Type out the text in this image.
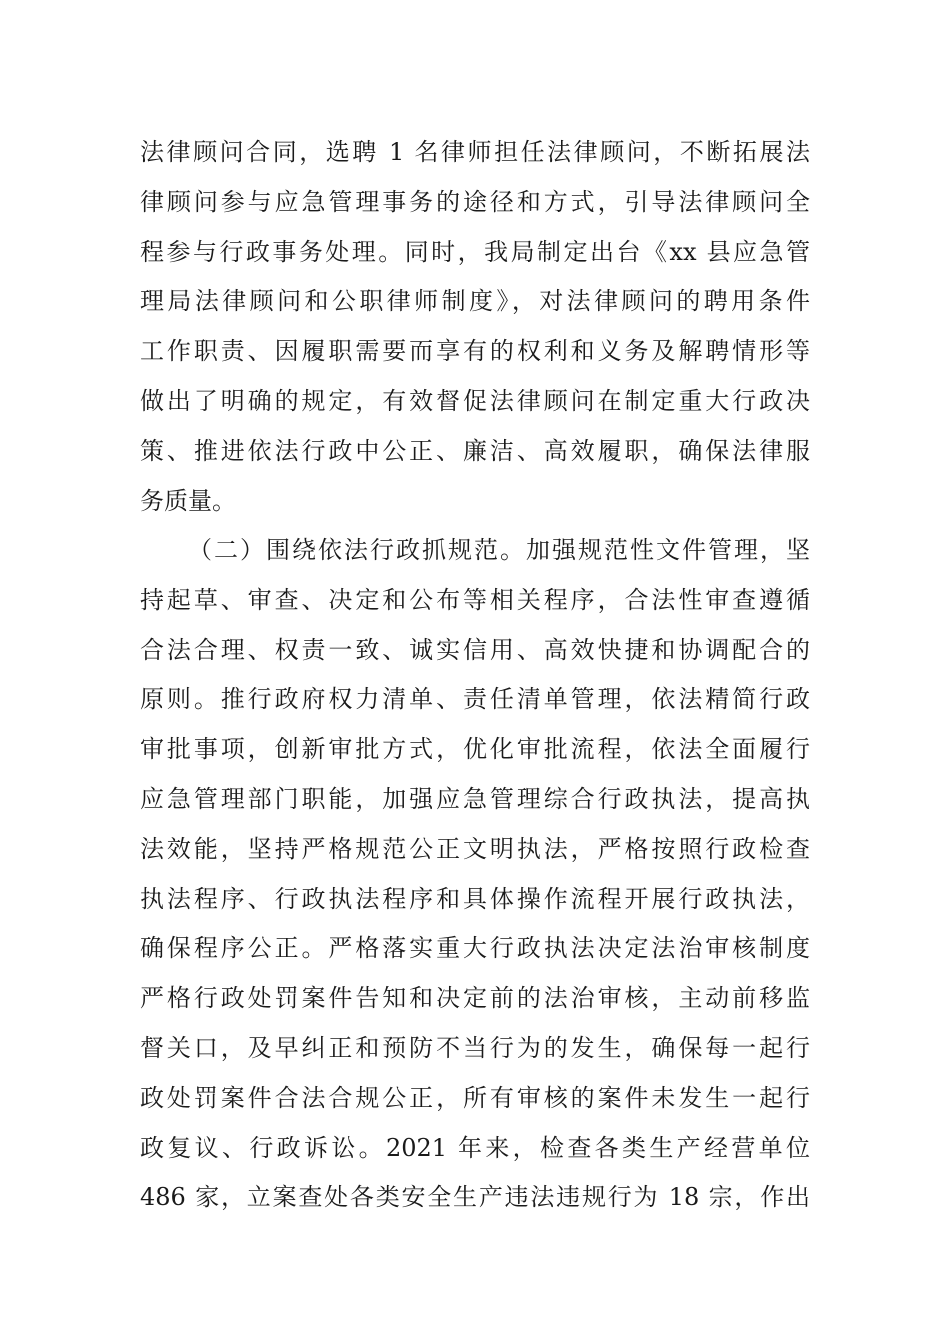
法律顾问合同，选聘 1 名律师担任法律顾问，不断拓展法
律顾问参与应急管理事务的途径和方式，引导法律顾问全
程参与行政事务处理。同时，我局制定出台《xx 县应急管
理局法律顾问和公职律师制度》，对法律顾问的聘用条件
工作职责、因履职需要而享有的权利和义务及解聘情形等
做出了明确的规定，有效督促法律顾问在制定重大行政决
策、推进依法行政中公正、廉洁、高效履职，确保法律服
务质量。
（二）围绕依法行政抓规范。加强规范性文件管理，坚
持起草、审查、决定和公布等相关程序，合法性审查遵循
合法合理、权责一致、诚实信用、高效快捷和协调配合的
原则。推行政府权力清单、责任清单管理，依法精简行政
审批事项，创新审批方式，优化审批流程，依法全面履行
应急管理部门职能，加强应急管理综合行政执法，提高执
法效能，坚持严格规范公正文明执法，严格按照行政检查
执法程序、行政执法程序和具体操作流程开展行政执法，
确保程序公正。严格落实重大行政执法决定法治审核制度
严格行政处罚案件告知和决定前的法治审核，主动前移监
督关口，及早纠正和预防不当行为的发生，确保每一起行
政处罚案件合法合规公正，所有审核的案件未发生一起行
政复议、行政诉讼。2021 年来，检查各类生产经营单位
486 家，立案查处各类安全生产违法违规行为 18 宗，作出
